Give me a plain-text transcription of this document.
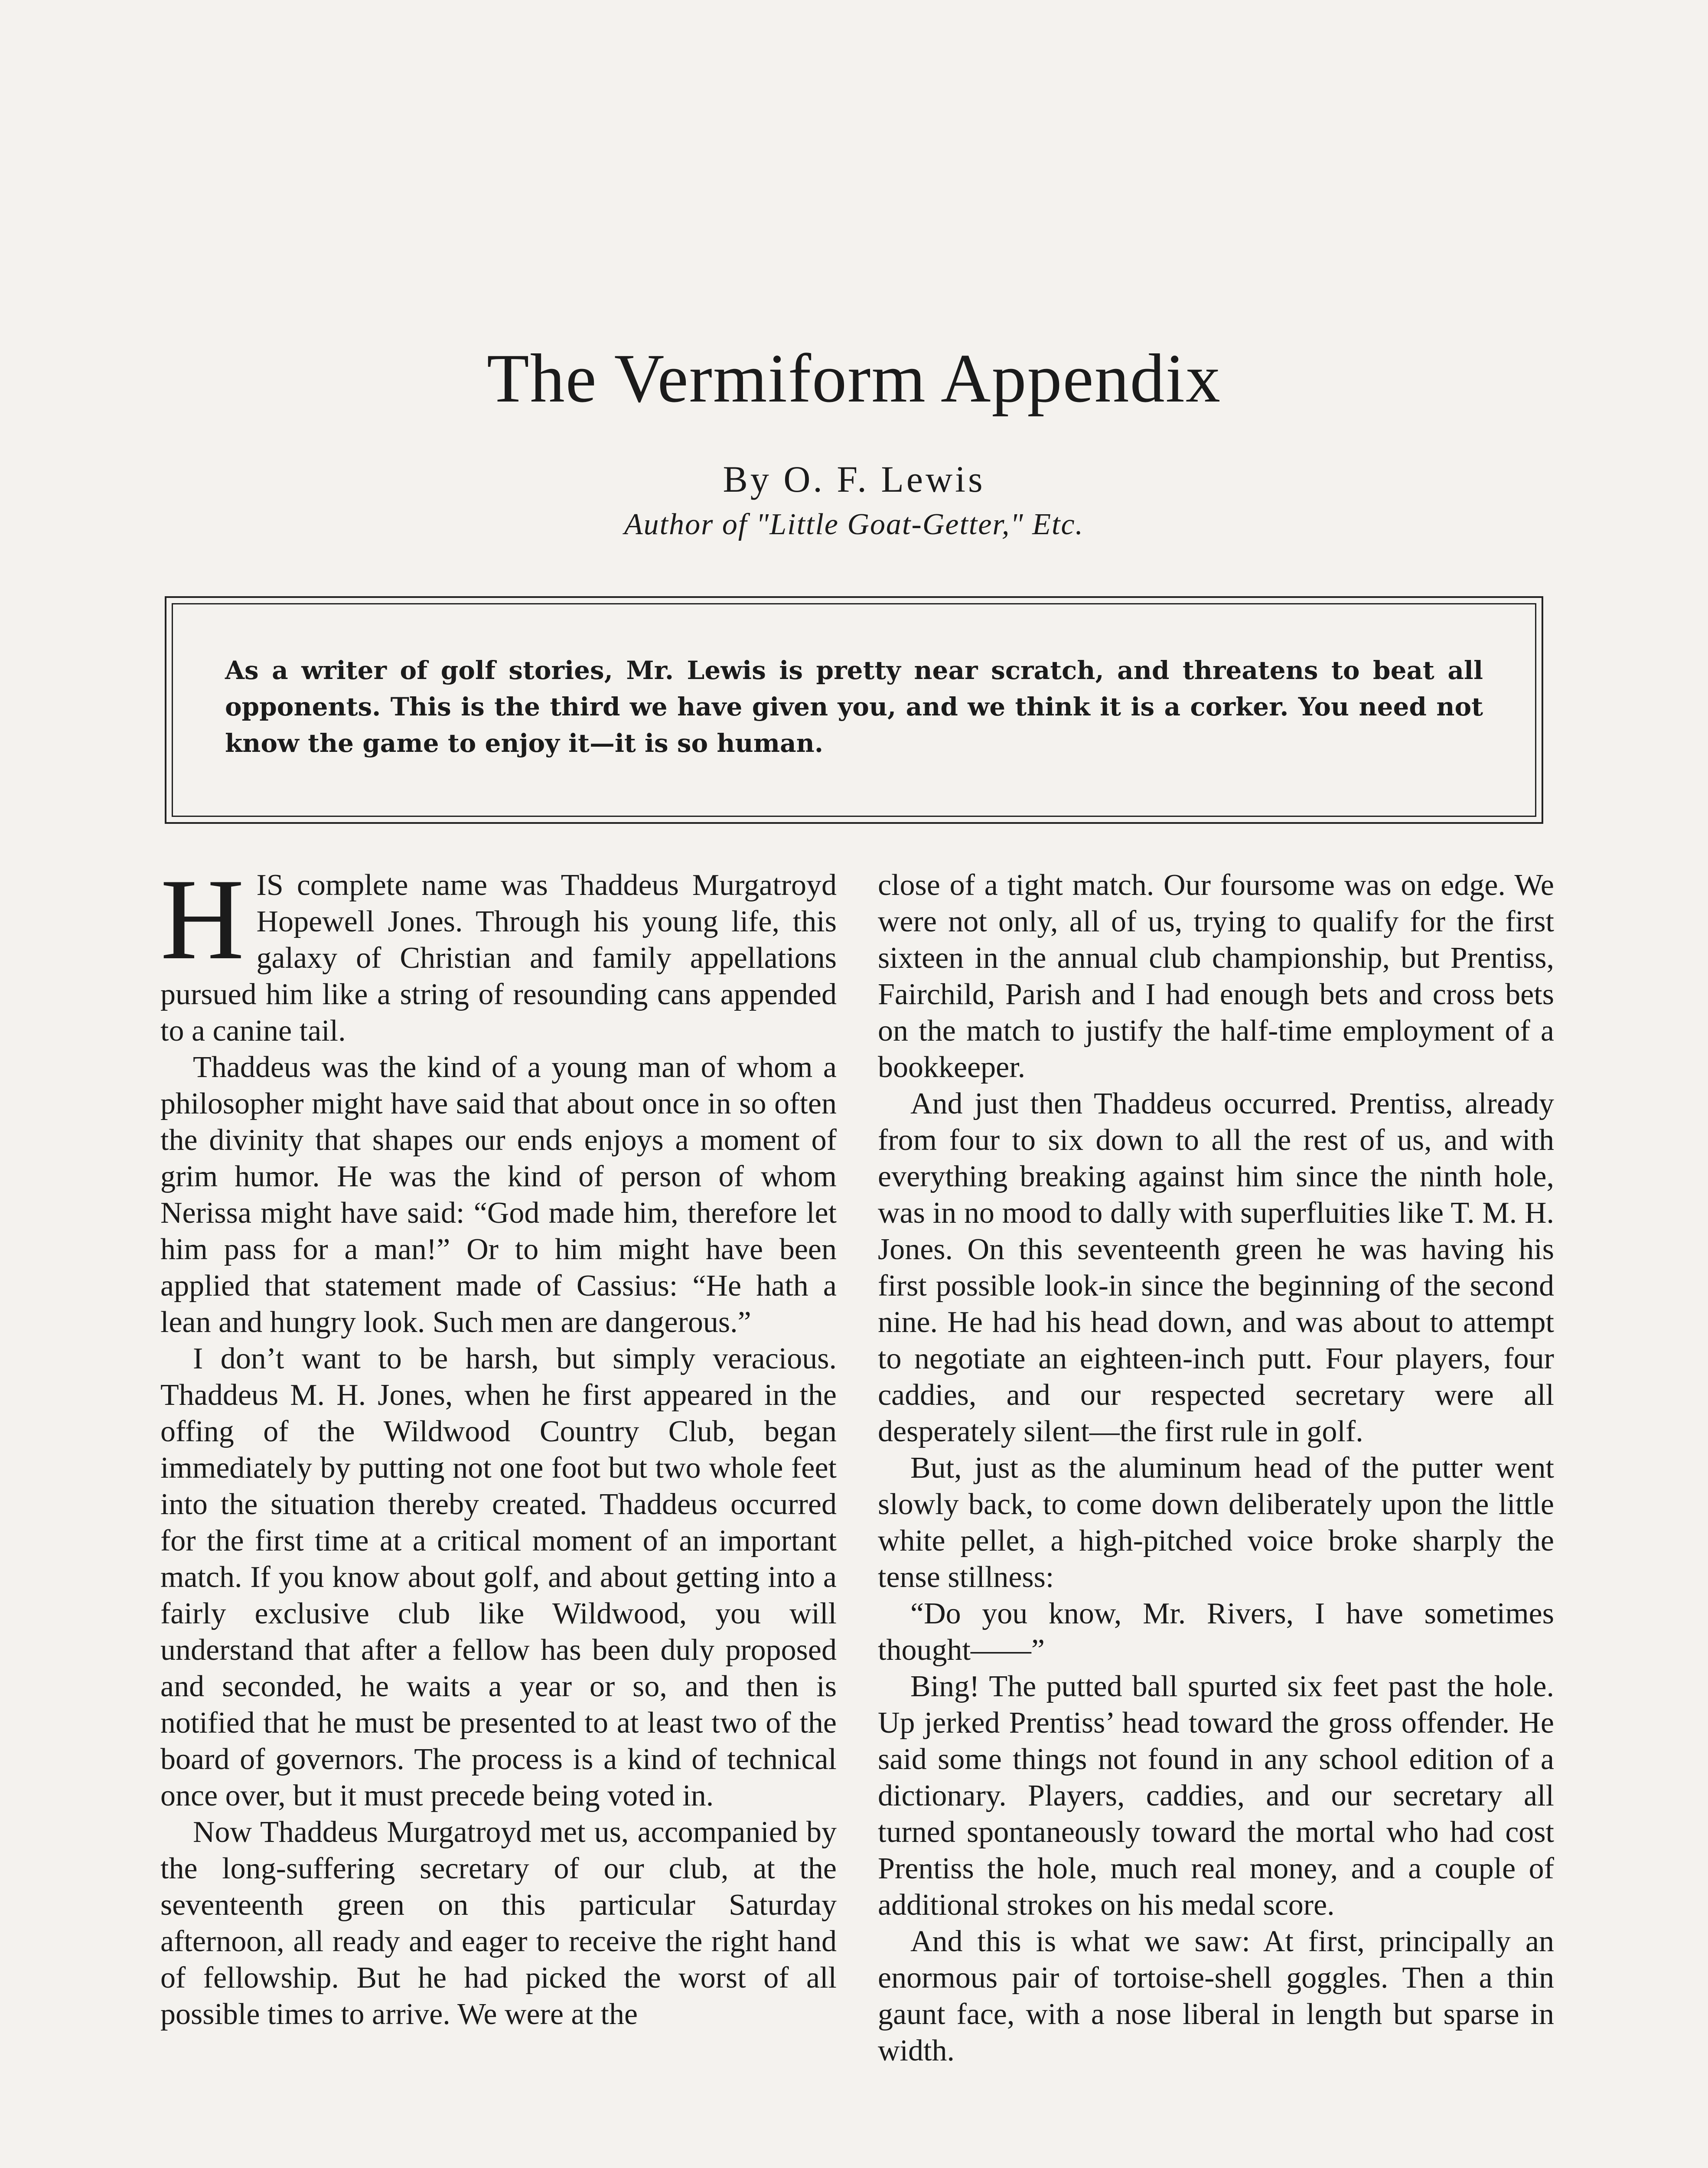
The Vermiform Appendix
By O. F. Lewis
Author of "Little Goat-Getter," Etc.
As a writer of golf stories, Mr. Lewis is pretty near scratch, and threatens to beat all opponents. This is the third we have given you, and we think it is a corker. You need not know the game to enjoy it—it is so human.

HIS complete name was Thaddeus Murgatroyd Hopewell Jones. Through his young life, this galaxy of Christian and family appellations pursued him like a string of resounding cans appended to a canine tail.

Thaddeus was the kind of a young man of whom a philosopher might have said that about once in so often the divinity that shapes our ends enjoys a moment of grim humor. He was the kind of person of whom Nerissa might have said: “God made him, therefore let him pass for a man!” Or to him might have been applied that statement made of Cassius: “He hath a lean and hungry look. Such men are dangerous.”

I don’t want to be harsh, but simply veracious. Thaddeus M. H. Jones, when he first appeared in the offing of the Wildwood Country Club, began immediately by putting not one foot but two whole feet into the situation thereby created. Thaddeus occurred for the first time at a critical moment of an important match. If you know about golf, and about getting into a fairly exclusive club like Wildwood, you will understand that after a fellow has been duly proposed and seconded, he waits a year or so, and then is notified that he must be presented to at least two of the board of governors. The process is a kind of technical once over, but it must precede being voted in.

Now Thaddeus Murgatroyd met us, accompanied by the long-suffering secretary of our club, at the seventeenth green on this particular Saturday afternoon, all ready and eager to receive the right hand of fellowship. But he had picked the worst of all possible times to arrive. We were at the

close of a tight match. Our foursome was on edge. We were not only, all of us, trying to qualify for the first sixteen in the annual club championship, but Prentiss, Fairchild, Parish and I had enough bets and cross bets on the match to justify the half-time employment of a bookkeeper.

And just then Thaddeus occurred. Prentiss, already from four to six down to all the rest of us, and with everything breaking against him since the ninth hole, was in no mood to dally with superfluities like T. M. H. Jones. On this seventeenth green he was having his first possible look-in since the beginning of the second nine. He had his head down, and was about to attempt to negotiate an eighteen-inch putt. Four players, four caddies, and our respected secretary were all desperately silent—the first rule in golf.

But, just as the aluminum head of the putter went slowly back, to come down deliberately upon the little white pellet, a high-pitched voice broke sharply the tense stillness:

“Do you know, Mr. Rivers, I have sometimes thought——”

Bing! The putted ball spurted six feet past the hole. Up jerked Prentiss’ head toward the gross offender. He said some things not found in any school edition of a dictionary. Players, caddies, and our secretary all turned spontaneously toward the mortal who had cost Prentiss the hole, much real money, and a couple of additional strokes on his medal score.

And this is what we saw: At first, principally an enormous pair of tortoise-shell goggles. Then a thin gaunt face, with a nose liberal in length but sparse in width.
